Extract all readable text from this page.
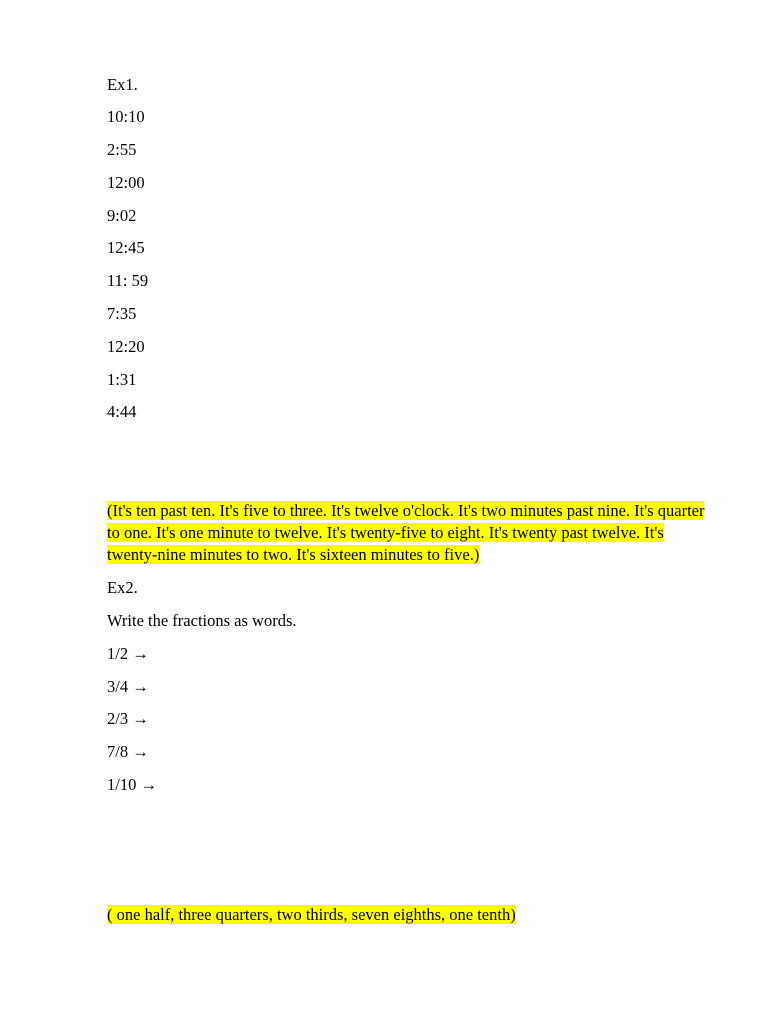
Ex1.
10:10
2:55
12:00
9:02
12:45
11: 59
7:35
12:20
1:31
4:44
(It's ten past ten. It's five to three. It's twelve o'clock. It's two minutes past nine. It's quarter to one. It's one minute to twelve. It's twenty-five to eight. It's twenty past twelve. It's twenty-nine minutes to two. It's sixteen minutes to five.)
Ex2.
Write the fractions as words.
1/2 →
3/4 →
2/3 →
7/8 →
1/10 →
( one half, three quarters, two thirds, seven eighths, one tenth)
